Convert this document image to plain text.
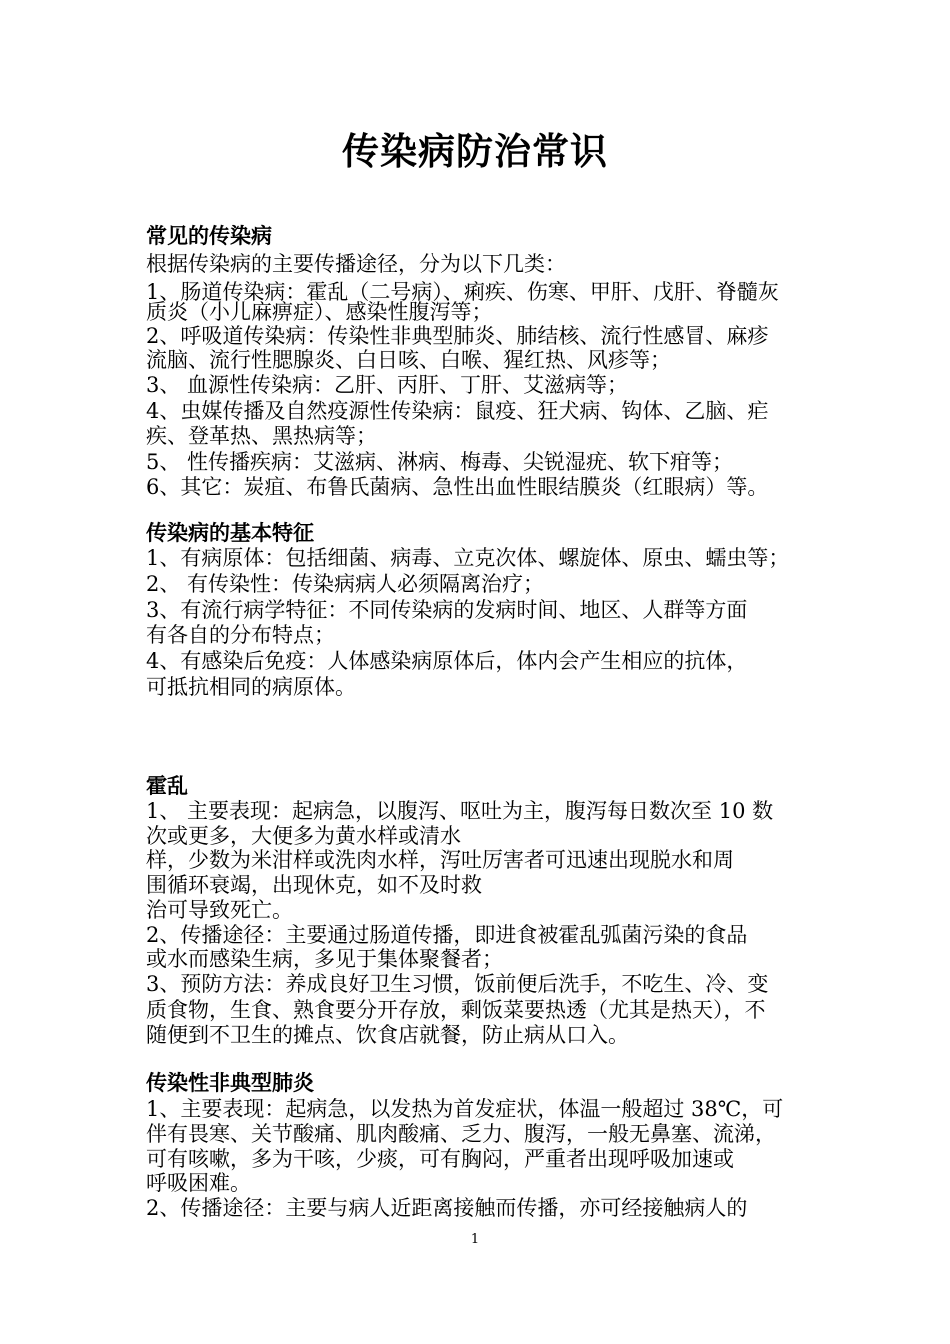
传染病防治常识
常见的传染病
根据传染病的主要传播途径，分为以下几类：
1、肠道传染病：霍乱（二号病）、痢疾、伤寒、甲肝、戊肝、脊髓灰
质炎（小儿麻痹症）、感染性腹泻等；
2、呼吸道传染病：传染性非典型肺炎、肺结核、流行性感冒、麻疹
流脑、流行性腮腺炎、白日咳、白喉、猩红热、风疹等；
3、 血源性传染病：乙肝、丙肝、丁肝、艾滋病等；
4、虫媒传播及自然疫源性传染病：鼠疫、狂犬病、钩体、乙脑、疟
疾、登革热、黑热病等；
5、 性传播疾病：艾滋病、淋病、梅毒、尖锐湿疣、软下疳等；
6、其它：炭疽、布鲁氏菌病、急性出血性眼结膜炎（红眼病）等。
传染病的基本特征
1、有病原体：包括细菌、病毒、立克次体、螺旋体、原虫、蠕虫等；
2、 有传染性：传染病病人必须隔离治疗；
3、有流行病学特征：不同传染病的发病时间、地区、人群等方面
有各自的分布特点；
4、有感染后免疫：人体感染病原体后，体内会产生相应的抗体，
可抵抗相同的病原体。
霍乱
1、 主要表现：起病急，以腹泻、呕吐为主，腹泻每日数次至 10 数
次或更多，大便多为黄水样或清水
样，少数为米泔样或洗肉水样，泻吐厉害者可迅速出现脱水和周
围循环衰竭，出现休克，如不及时救
治可导致死亡。
2、传播途径：主要通过肠道传播，即进食被霍乱弧菌污染的食品
或水而感染生病，多见于集体聚餐者；
3、预防方法：养成良好卫生习惯，饭前便后洗手，不吃生、冷、变
质食物，生食、熟食要分开存放，剩饭菜要热透（尤其是热天），不
随便到不卫生的摊点、饮食店就餐，防止病从口入。
传染性非典型肺炎
1、主要表现：起病急，以发热为首发症状，体温一般超过 38℃，可
伴有畏寒、关节酸痛、肌肉酸痛、乏力、腹泻，一般无鼻塞、流涕，
可有咳嗽，多为干咳，少痰，可有胸闷，严重者出现呼吸加速或
呼吸困难。
2、传播途径：主要与病人近距离接触而传播，亦可经接触病人的
1
